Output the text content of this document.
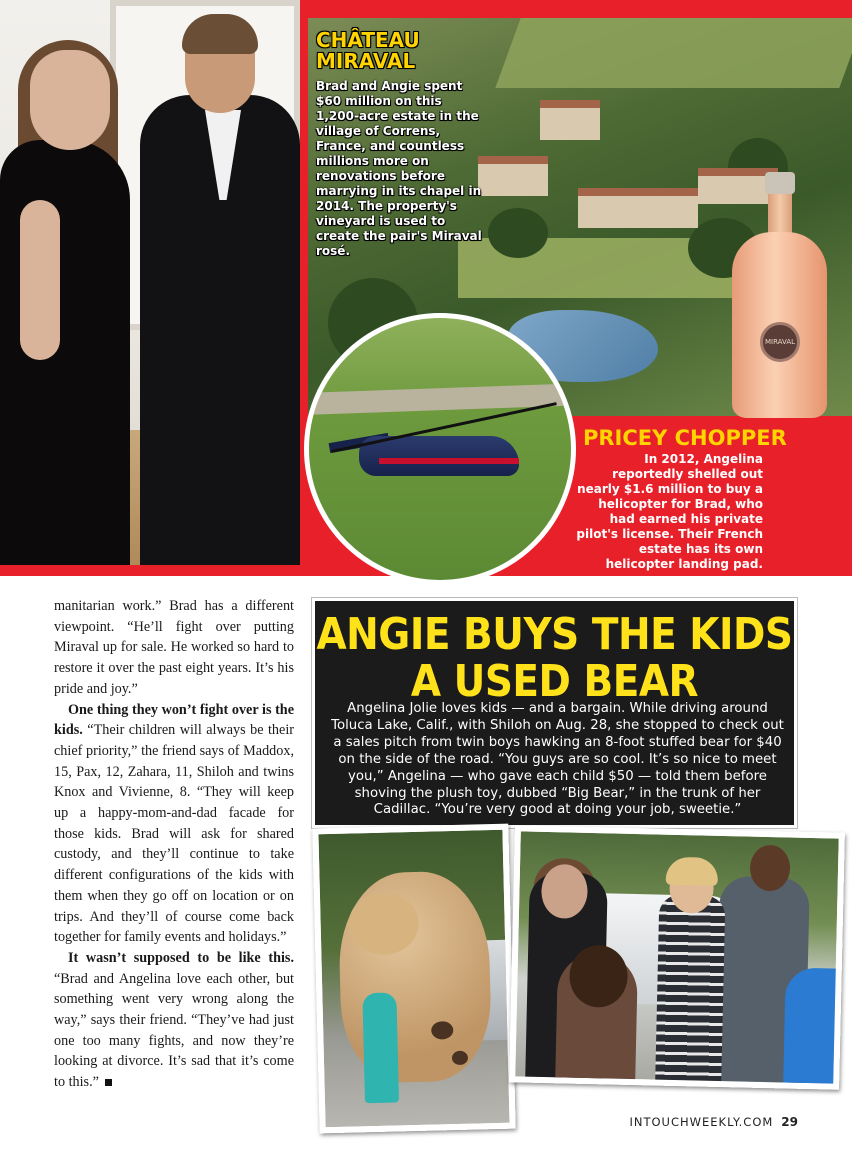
MIRAVAL
CHÂTEAU MIRAVAL
Brad and Angie spent $60 million on this 1,200-acre estate in the village of Correns, France, and countless millions more on renovations before marrying in its chapel in 2014. The property's vineyard is used to create the pair's Miraval rosé.
PRICEY CHOPPER
In 2012, Angelina reportedly shelled out nearly $1.6 million to buy a helicopter for Brad, who had earned his private pilot's license. Their French estate has its own helicopter landing pad.

manitarian work.” Brad has a different viewpoint. “He’ll fight over putting Miraval up for sale. He worked so hard to restore it over the past eight years. It’s his pride and joy.”

One thing they won’t fight over is the kids. “Their children will always be their chief priority,” the friend says of Maddox, 15, Pax, 12, Zahara, 11, Shiloh and twins Knox and Vivienne, 8. “They will keep up a happy-mom-and-dad facade for those kids. Brad will ask for shared custody, and they’ll continue to take different configurations of the kids with them when they go off on location or on trips. And they’ll of course come back together for family events and holidays.”

It wasn’t supposed to be like this. “Brad and Angelina love each other, but something went very wrong along the way,” says their friend. “They’ve had just one too many fights, and now they’re looking at divorce. It’s sad that it’s come to this.”

ANGIE BUYS THE KIDS A USED BEAR
Angelina Jolie loves kids — and a bargain. While driving around Toluca Lake, Calif., with Shiloh on Aug. 28, she stopped to check out a sales pitch from twin boys hawking an 8-foot stuffed bear for $40 on the side of the road. “You guys are so cool. It’s so nice to meet you,” Angelina — who gave each child $50 — told them before shoving the plush toy, dubbed “Big Bear,” in the trunk of her Cadillac. “You’re very good at doing your job, sweetie.”
INTOUCHWEEKLY.COM 29
